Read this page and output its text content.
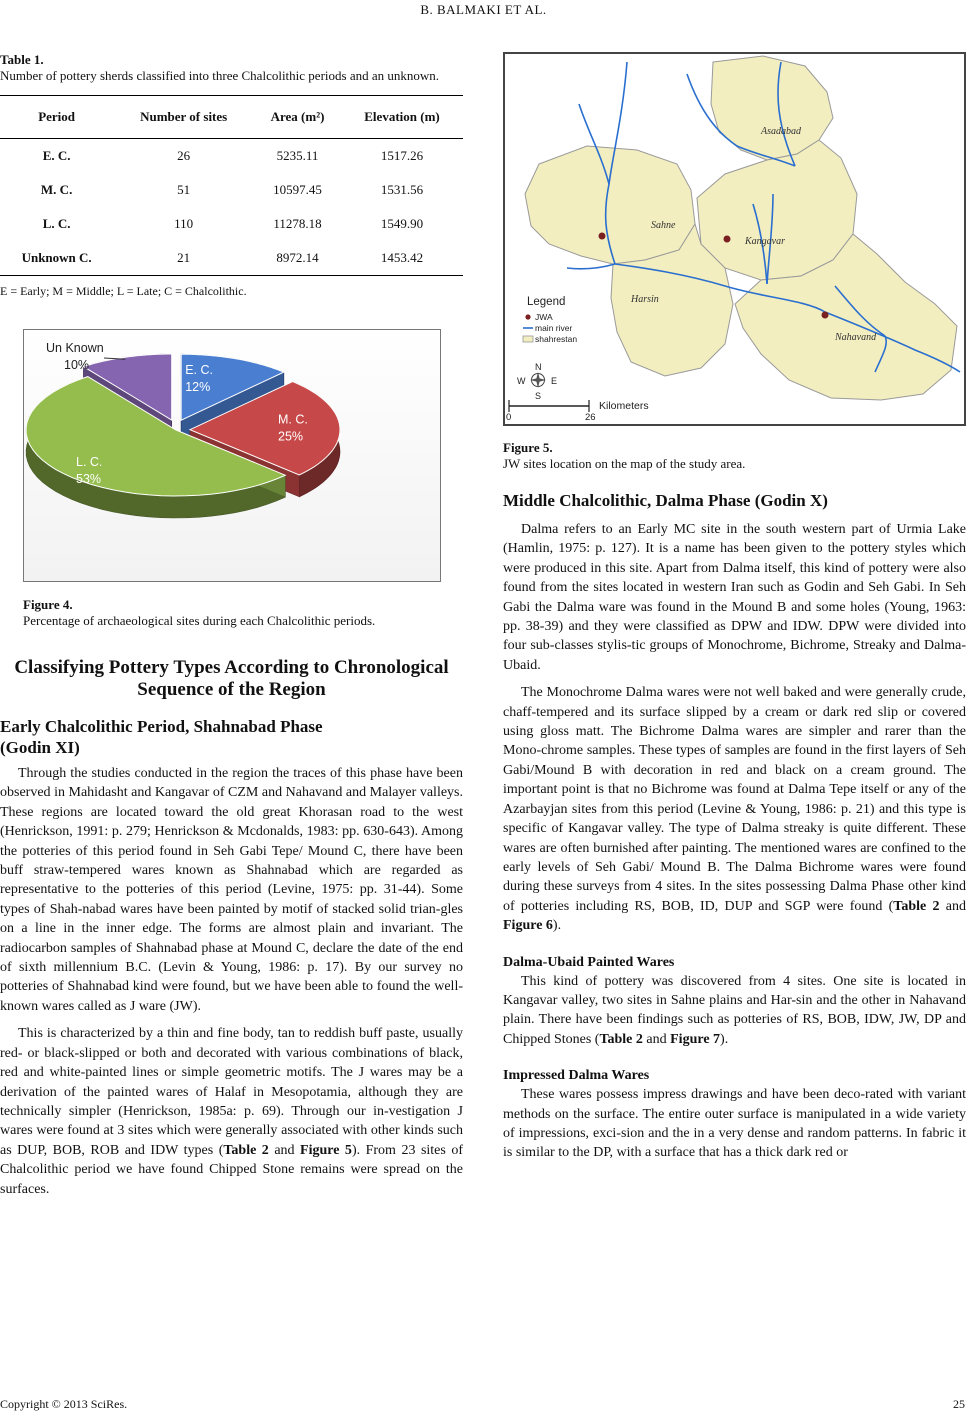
B. BALMAKI ET AL.
Table 1.
Number of pottery sherds classified into three Chalcolithic periods and an unknown.
Period	Number of sites	Area (m²)	Elevation (m)
E. C.	26	5235.11	1517.26
M. C.	51	10597.45	1531.56
L. C.	110	11278.18	1549.90
Unknown C.	21	8972.14	1453.42
E = Early; M = Middle; L = Late; C = Chalcolithic.
E. C.
12%
M. C.
25%
L. C.
53%
Un Known
10%
Figure 4.
Percentage of archaeological sites during each Chalcolithic periods.
Classifying Pottery Types According to Chronological Sequence of the Region
Early Chalcolithic Period, Shahnabad Phase
(Godin XI)

Through the studies conducted in the region the traces of this phase have been observed in Mahidasht and Kangavar of CZM and Nahavand and Malayer valleys. These regions are located toward the old great Khorasan road to the west (Henrickson, 1991: p. 279; Henrickson & Mcdonalds, 1983: pp. 630-643). Among the potteries of this period found in Seh Gabi Tepe/ Mound C, there have been buff straw-tempered wares known as Shahnabad which are regarded as representative to the potteries of this period (Levine, 1975: pp. 31-44). Some types of Shah-nabad wares have been painted by motif of stacked solid trian-gles on a line in the inner edge. The forms are almost plain and invariant. The radiocarbon samples of Shahnabad phase at Mound C, declare the date of the end of sixth millennium B.C. (Levin & Young, 1986: p. 17). By our survey no potteries of Shahnabad kind were found, but we have been able to found the well-known wares called as J ware (JW).

This is characterized by a thin and fine body, tan to reddish buff paste, usually red- or black-slipped or both and decorated with various combinations of black, red and white-painted lines or simple geometric motifs. The J wares may be a derivation of the painted wares of Halaf in Mesopotamia, although they are technically simpler (Henrickson, 1985a: p. 69). Through our in-vestigation J wares were found at 3 sites which were generally associated with other kinds such as DUP, BOB, ROB and IDW types (Table 2 and Figure 5). From 23 sites of Chalcolithic period we have found Chipped Stone remains were spread on the surfaces.

Asadabad
Sahne
Kangavar
Harsin
Nahavand
Legend
JWA
main river
shahrestan
N
W	E
S
0	26
Kilometers
Figure 5.
JW sites location on the map of the study area.
Middle Chalcolithic, Dalma Phase (Godin X)

Dalma refers to an Early MC site in the south western part of Urmia Lake (Hamlin, 1975: p. 127). It is a name has been given to the pottery styles which were produced in this site. Apart from Dalma itself, this kind of pottery were also found from the sites located in western Iran such as Godin and Seh Gabi. In Seh Gabi the Dalma ware was found in the Mound B and some holes (Young, 1963: pp. 38-39) and they were classified as DPW and IDW. DPW were divided into four sub-classes stylis-tic groups of Monochrome, Bichrome, Streaky and Dalma-Ubaid.

The Monochrome Dalma wares were not well baked and were generally crude, chaff-tempered and its surface slipped by a cream or dark red slip or covered using gloss matt. The Bichrome Dalma wares are simpler and rarer than the Mono-chrome samples. These types of samples are found in the first layers of Seh Gabi/Mound B with decoration in red and black on a cream ground. The important point is that no Bichrome was found at Dalma Tepe itself or any of the Azarbayjan sites from this period (Levine & Young, 1986: p. 21) and this type is specific of Kangavar valley. The type of Dalma streaky is quite different. These wares are often burnished after painting. The mentioned wares are confined to the early levels of Seh Gabi/ Mound B. The Dalma Bichrome wares were found during these surveys from 4 sites. In the sites possessing Dalma Phase other kind of potteries including RS, BOB, ID, DUP and SGP were found (Table 2 and Figure 6).

Dalma-Ubaid Painted Wares

This kind of pottery was discovered from 4 sites. One site is located in Kangavar valley, two sites in Sahne plains and Har-sin and the other in Nahavand plain. There have been findings such as potteries of RS, BOB, IDW, JW, DP and Chipped Stones (Table 2 and Figure 7).

Impressed Dalma Wares

These wares possess impress drawings and have been deco-rated with variant methods on the surface. The entire outer surface is manipulated in a wide variety of impressions, exci-sion and the in a very dense and random patterns. In fabric it is similar to the DP, with a surface that has a thick dark red or

Copyright © 2013 SciRes.	25
